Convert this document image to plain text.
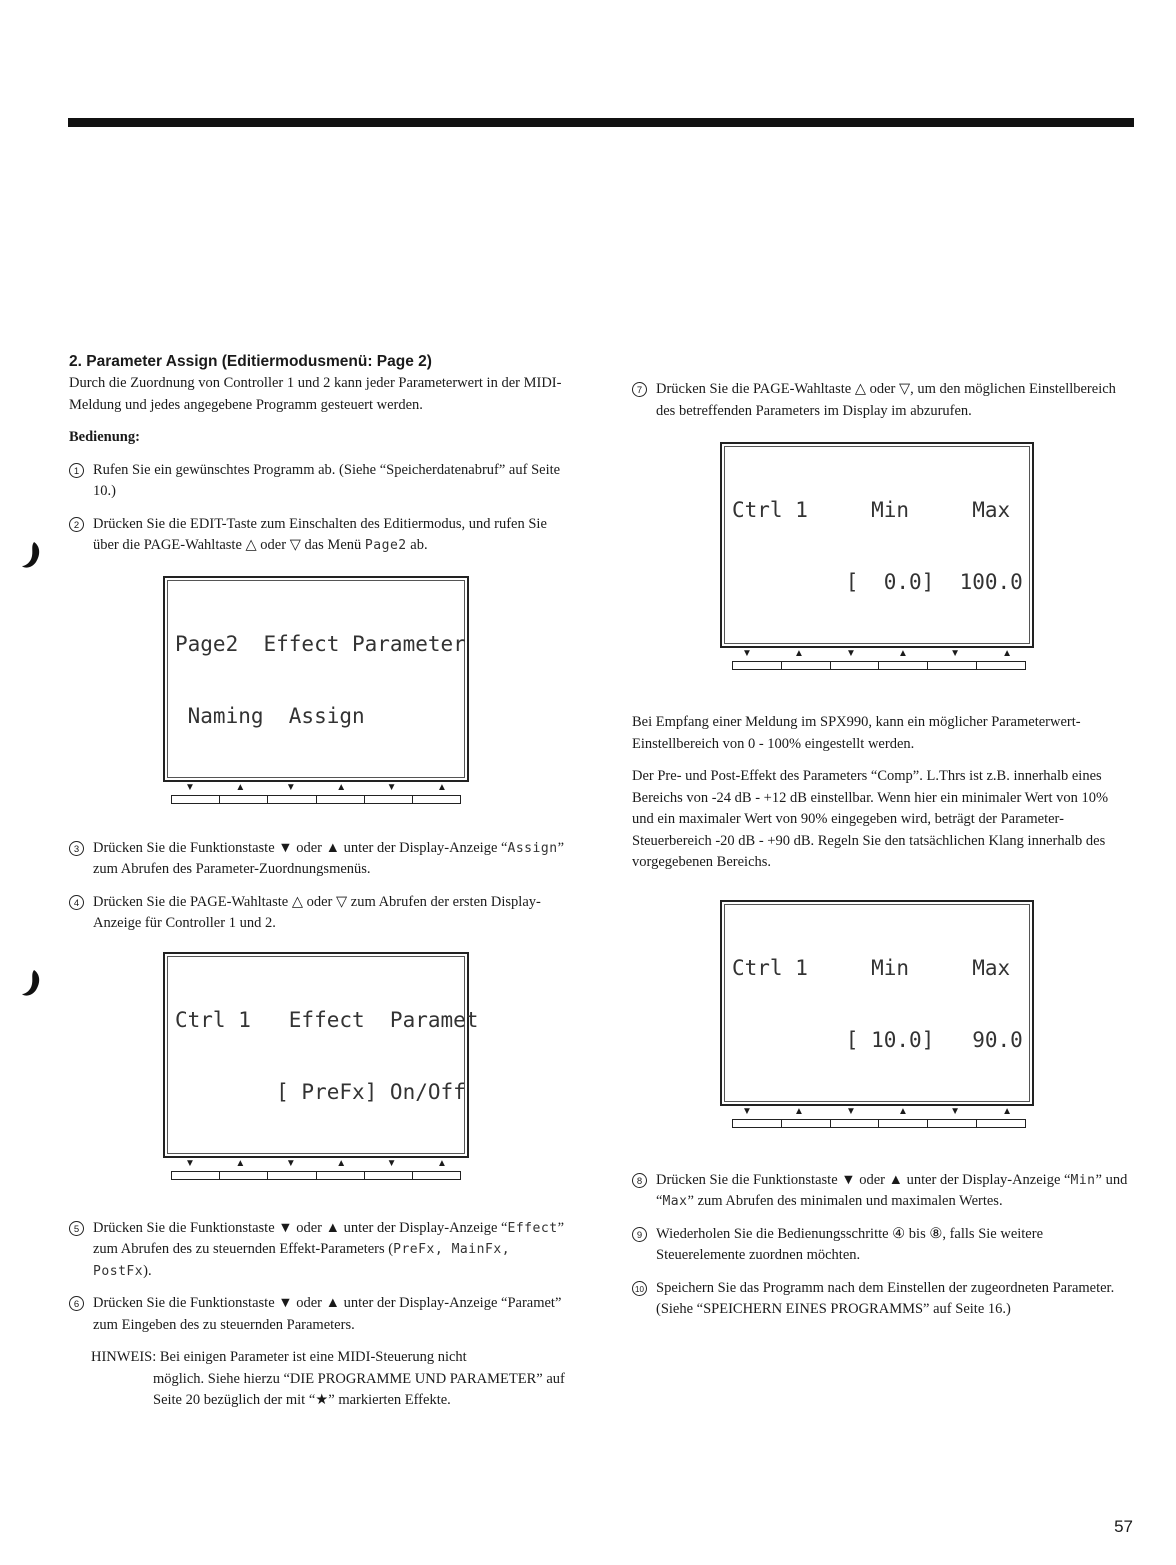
2. Parameter Assign (Editiermodusmenü: Page 2)

Durch die Zuordnung von Controller 1 und 2 kann jeder Parameterwert in der MIDI-Meldung und jedes angegebene Programm gesteuert werden.

Bedienung:

1 Rufen Sie ein gewünschtes Programm ab. (Siehe “Speicherdatenabruf” auf Seite 10.)
2 Drücken Sie die EDIT-Taste zum Einschalten des Editiermodus, und rufen Sie über die PAGE-Wahltaste △ oder ▽ das Menü Page2 ab.

Page2  Effect Parameter

Naming  Assign

▼	▲	▼	▲	▼	▲
3 Drücken Sie die Funktionstaste ▼ oder ▲ unter der Display-Anzeige “Assign” zum Abrufen des Parameter-Zuordnungsmenüs.
4 Drücken Sie die PAGE-Wahltaste △ oder ▽ zum Abrufen der ersten Display-Anzeige für Controller 1 und 2.

Ctrl 1   Effect  Paramet

[ PreFx] On/Off

▼	▲	▼	▲	▼	▲
5 Drücken Sie die Funktionstaste ▼ oder ▲ unter der Display-Anzeige “Effect” zum Abrufen des zu steuernden Effekt-Parameters (PreFx, MainFx, PostFx).
6 Drücken Sie die Funktionstaste ▼ oder ▲ unter der Display-Anzeige “Paramet” zum Eingeben des zu steuernden Parameters.
HINWEIS: Bei einigen Parameter ist eine MIDI-Steuerung nicht
möglich. Siehe hierzu “DIE PROGRAMME UND PARAMETER” auf Seite 20 bezüglich der mit “★” markierten Effekte.
7 Drücken Sie die PAGE-Wahltaste △ oder ▽, um den möglichen Einstellbereich des betreffenden Parameters im Display im abzurufen.

Ctrl 1     Min     Max

[  0.0]  100.0

▼	▲	▼	▲	▼	▲
Bei Empfang einer Meldung im SPX990, kann ein möglicher Parameterwert-Einstellbereich von 0 - 100% eingestellt werden.
Der Pre- und Post-Effekt des Parameters “Comp”. L.Thrs ist z.B. innerhalb eines Bereichs von -24 dB - +12 dB einstellbar. Wenn hier ein minimaler Wert von 10% und ein maximaler Wert von 90% eingegeben wird, beträgt der Parameter-Steuerbereich -20 dB - +90 dB. Regeln Sie den tatsächlichen Klang innerhalb des vorgegebenen Bereichs.

Ctrl 1     Min     Max

[ 10.0]   90.0

▼	▲	▼	▲	▼	▲
8 Drücken Sie die Funktionstaste ▼ oder ▲ unter der Display-Anzeige “Min” und “Max” zum Abrufen des minimalen und maximalen Wertes.
9 Wiederholen Sie die Bedienungsschritte ④ bis ⑧, falls Sie weitere Steuerelemente zuordnen möchten.
10 Speichern Sie das Programm nach dem Einstellen der zugeordneten Parameter. (Siehe “SPEICHERN EINES PROGRAMMS” auf Seite 16.)
57
